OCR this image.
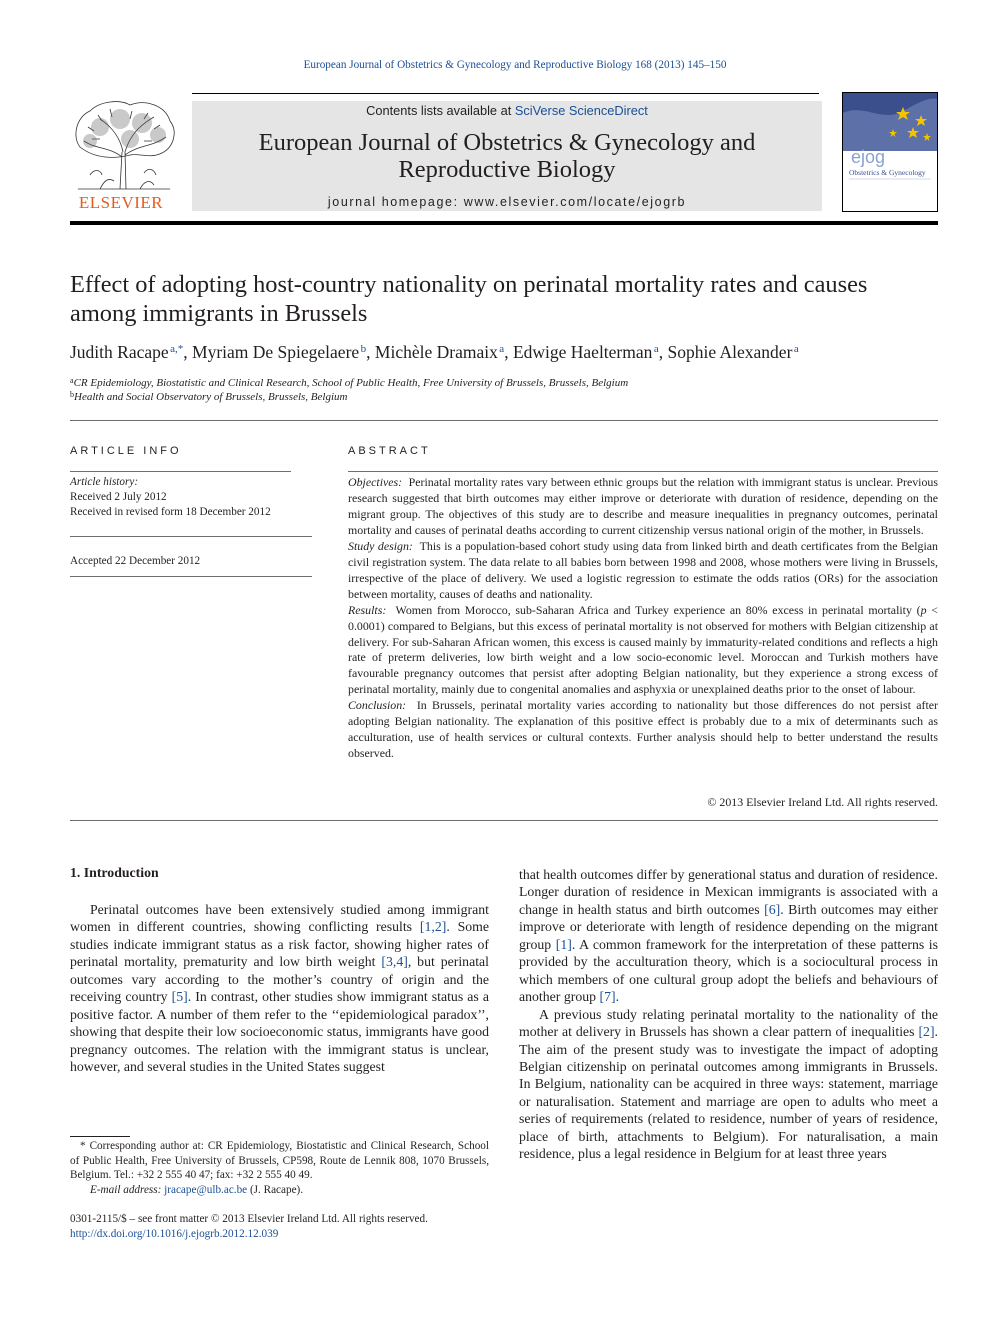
European Journal of Obstetrics & Gynecology and Reproductive Biology 168 (2013) 145–150
ELSEVIER
Contents lists available at SciVerse ScienceDirect
European Journal of Obstetrics & Gynecology and
Reproductive Biology
journal homepage: www.elsevier.com/locate/ejogrb
ejog
Obstetrics & Gynecology
Effect of adopting host-country nationality on perinatal mortality rates and causes
among immigrants in Brussels
Judith Racape $^{a,*}$, Myriam De Spiegelaere $^b$, Michèle Dramaix $^a$, Edwige Haelterman $^a$, Sophie Alexander $^a$
$^a$CR Epidemiology, Biostatistic and Clinical Research, School of Public Health, Free University of Brussels, Brussels, Belgium
$^b$Health and Social Observatory of Brussels, Brussels, Belgium
ARTICLE INFO
Article history:
Received 2 July 2012
Received in revised form 18 December 2012
Accepted 22 December 2012
ABSTRACT

Objectives: Perinatal mortality rates vary between ethnic groups but the relation with immigrant status is unclear. Previous research suggested that birth outcomes may either improve or deteriorate with duration of residence, depending on the migrant group. The objectives of this study are to describe and measure inequalities in pregnancy outcomes, perinatal mortality and causes of perinatal deaths according to current citizenship versus national origin of the mother, in Brussels.

Study design: This is a population-based cohort study using data from linked birth and death certificates from the Belgian civil registration system. The data relate to all babies born between 1998 and 2008, whose mothers were living in Brussels, irrespective of the place of delivery. We used a logistic regression to estimate the odds ratios (ORs) for the association between mortality, causes of deaths and nationality.

Results: Women from Morocco, sub-Saharan Africa and Turkey experience an 80% excess in perinatal mortality (p < 0.0001) compared to Belgians, but this excess of perinatal mortality is not observed for mothers with Belgian citizenship at delivery. For sub-Saharan African women, this excess is caused mainly by immaturity-related conditions and reflects a high rate of preterm deliveries, low birth weight and a low socio-economic level. Moroccan and Turkish mothers have favourable pregnancy outcomes that persist after adopting Belgian nationality, but they experience a strong excess of perinatal mortality, mainly due to congenital anomalies and asphyxia or unexplained deaths prior to the onset of labour.

Conclusion: In Brussels, perinatal mortality varies according to nationality but those differences do not persist after adopting Belgian nationality. The explanation of this positive effect is probably due to a mix of determinants such as acculturation, use of health services or cultural contexts. Further analysis should help to better understand the results observed.

© 2013 Elsevier Ireland Ltd. All rights reserved.
1. Introduction

Perinatal outcomes have been extensively studied among immigrant women in different countries, showing conflicting results [1,2]. Some studies indicate immigrant status as a risk factor, showing higher rates of perinatal mortality, prematurity and low birth weight [3,4], but perinatal outcomes vary according to the mother’s country of origin and the receiving country [5]. In contrast, other studies show immigrant status as a positive factor. A number of them refer to the ‘‘epidemiological paradox’’, showing that despite their low socioeconomic status, immigrants have good pregnancy outcomes. The relation with the immigrant status is unclear, however, and several studies in the United States suggest

that health outcomes differ by generational status and duration of residence. Longer duration of residence in Mexican immigrants is associated with a change in health status and birth outcomes [6]. Birth outcomes may either improve or deteriorate with length of residence depending on the migrant group [1]. A common framework for the interpretation of these patterns is provided by the acculturation theory, which is a sociocultural process in which members of one cultural group adopt the beliefs and behaviours of another group [7].

A previous study relating perinatal mortality to the nationality of the mother at delivery in Brussels has shown a clear pattern of inequalities [2]. The aim of the present study was to investigate the impact of adopting Belgian citizenship on perinatal outcomes among immigrants in Brussels. In Belgium, nationality can be acquired in three ways: statement, marriage or naturalisation. Statement and marriage are open to adults who meet a series of requirements (related to residence, number of years of residence, place of birth, attachments to Belgium). For naturalisation, a main residence, plus a legal residence in Belgium for at least three years

* Corresponding author at: CR Epidemiology, Biostatistic and Clinical Research, School of Public Health, Free University of Brussels, CP598, Route de Lennik 808, 1070 Brussels, Belgium. Tel.: +32 2 555 40 47; fax: +32 2 555 40 49.

E-mail address: jracape@ulb.ac.be (J. Racape).

0301-2115/$ – see front matter © 2013 Elsevier Ireland Ltd. All rights reserved.
http://dx.doi.org/10.1016/j.ejogrb.2012.12.039
